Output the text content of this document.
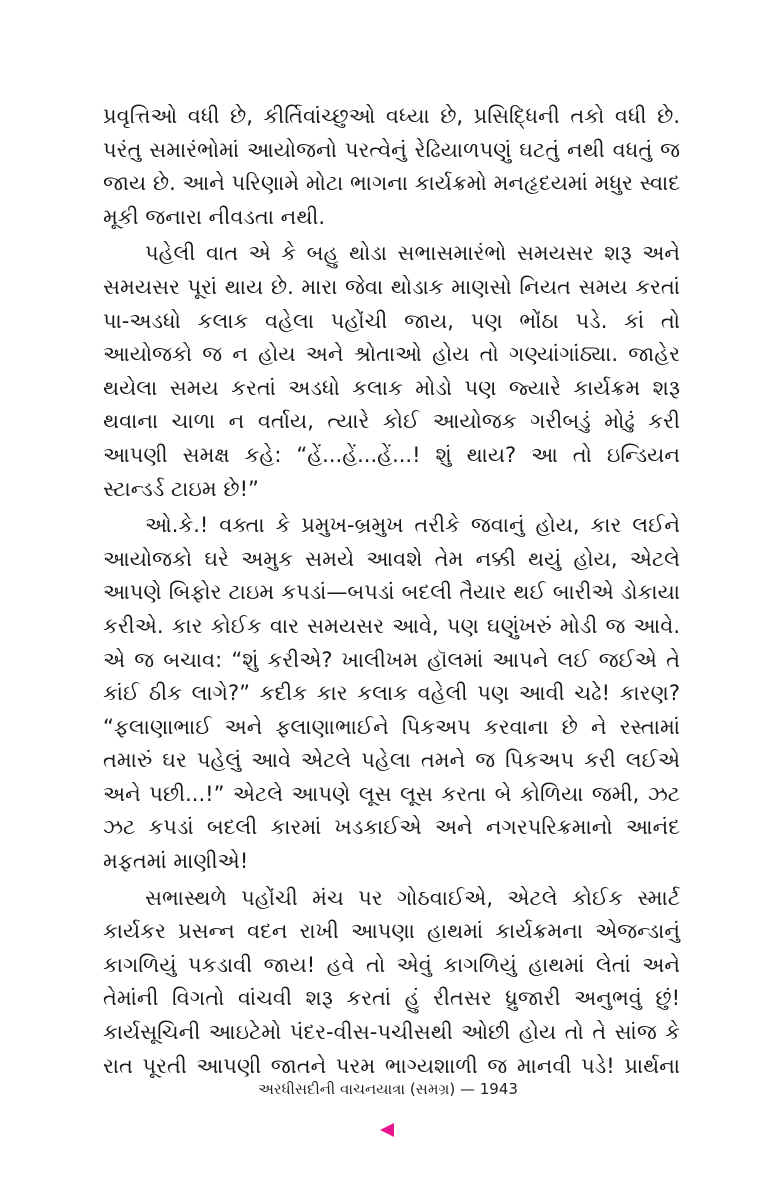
પ્રવૃત્તિઓ વધી છે, કીર્તિવાંચ્છુઓ વધ્યા છે, પ્રસિદ્ધિની તકો વધી છે. પરંતુ સમારંભોમાં આયોજનો પરત્વેનું રેઢિયાળપણું ઘટતું નથી વધતું જ જાય છે. આને પરિણામે મોટા ભાગના કાર્યક્રમો મનહૃદયમાં મધુર સ્વાદ મૂકી જનારા નીવડતા નથી.

પહેલી વાત એ કે બહુ થોડા સભાસમારંભો સમયસર શરૂ અને સમયસર પૂરાં થાય છે. મારા જેવા થોડાક માણસો નિયત સમય કરતાં પા-અડધો કલાક વહેલા પહોંચી જાય, પણ ભોંઠા પડે. કાં તો આયોજકો જ ન હોય અને શ્રોતાઓ હોય તો ગણ્યાંગાંઠ્યા. જાહેર થયેલા સમય કરતાં અડધો કલાક મોડો પણ જ્યારે કાર્યક્રમ શરૂ થવાના ચાળા ન વર્તાય, ત્યારે કોઈ આયોજક ગરીબડું મોઢું કરી આપણી સમક્ષ કહે: “હેં...હેં...હેં...! શું થાય? આ તો ઇન્ડિયન સ્ટાન્ડર્ડ ટાઇમ છે!”

ઓ.કે.! વક્તા કે પ્રમુખ-બ્રમુખ તરીકે જવાનું હોય, કાર લઈને આયોજકો ઘરે અમુક સમયે આવશે તેમ નક્કી થયું હોય, એટલે આપણે બિફોર ટાઇમ કપડાં—બપડાં બદલી તૈયાર થઈ બારીએ ડોકાયા કરીએ. કાર કોઈક વાર સમયસર આવે, પણ ઘણુંખરું મોડી જ આવે. એ જ બચાવ: “શું કરીએ? ખાલીખમ હૉલમાં આપને લઈ જઈએ તે કાંઈ ઠીક લાગે?” કદીક કાર કલાક વહેલી પણ આવી ચઢે! કારણ? “ફલાણાભાઈ અને ફલાણાભાઈને પિકઅપ કરવાના છે ને રસ્તામાં તમારું ઘર પહેલું આવે એટલે પહેલા તમને જ પિકઅપ કરી લઈએ અને પછી...!” એટલે આપણે લૂસ લૂસ કરતા બે કોળિયા જમી, ઝટ ઝટ કપડાં બદલી કારમાં ખડકાઈએ અને નગરપરિક્રમાનો આનંદ મફતમાં માણીએ!

સભાસ્થળે પહોંચી મંચ પર ગોઠવાઈએ, એટલે કોઈક સ્માર્ટ કાર્યકર પ્રસન્ન વદન રાખી આપણા હાથમાં કાર્યક્રમના એજન્ડાનું કાગળિયું પકડાવી જાય! હવે તો એવું કાગળિયું હાથમાં લેતાં અને તેમાંની વિગતો વાંચવી શરૂ કરતાં હું રીતસર ધ્રુજારી અનુભવું છું! કાર્યસૂચિની આઇટેમો પંદર-વીસ-પચીસથી ઓછી હોય તો તે સાંજ કે રાત પૂરતી આપણી જાતને પરમ ભાગ્યશાળી જ માનવી પડે! પ્રાર્થના

અરધીસદીની વાચનયાત્રા (સમગ્ર) — 1943
